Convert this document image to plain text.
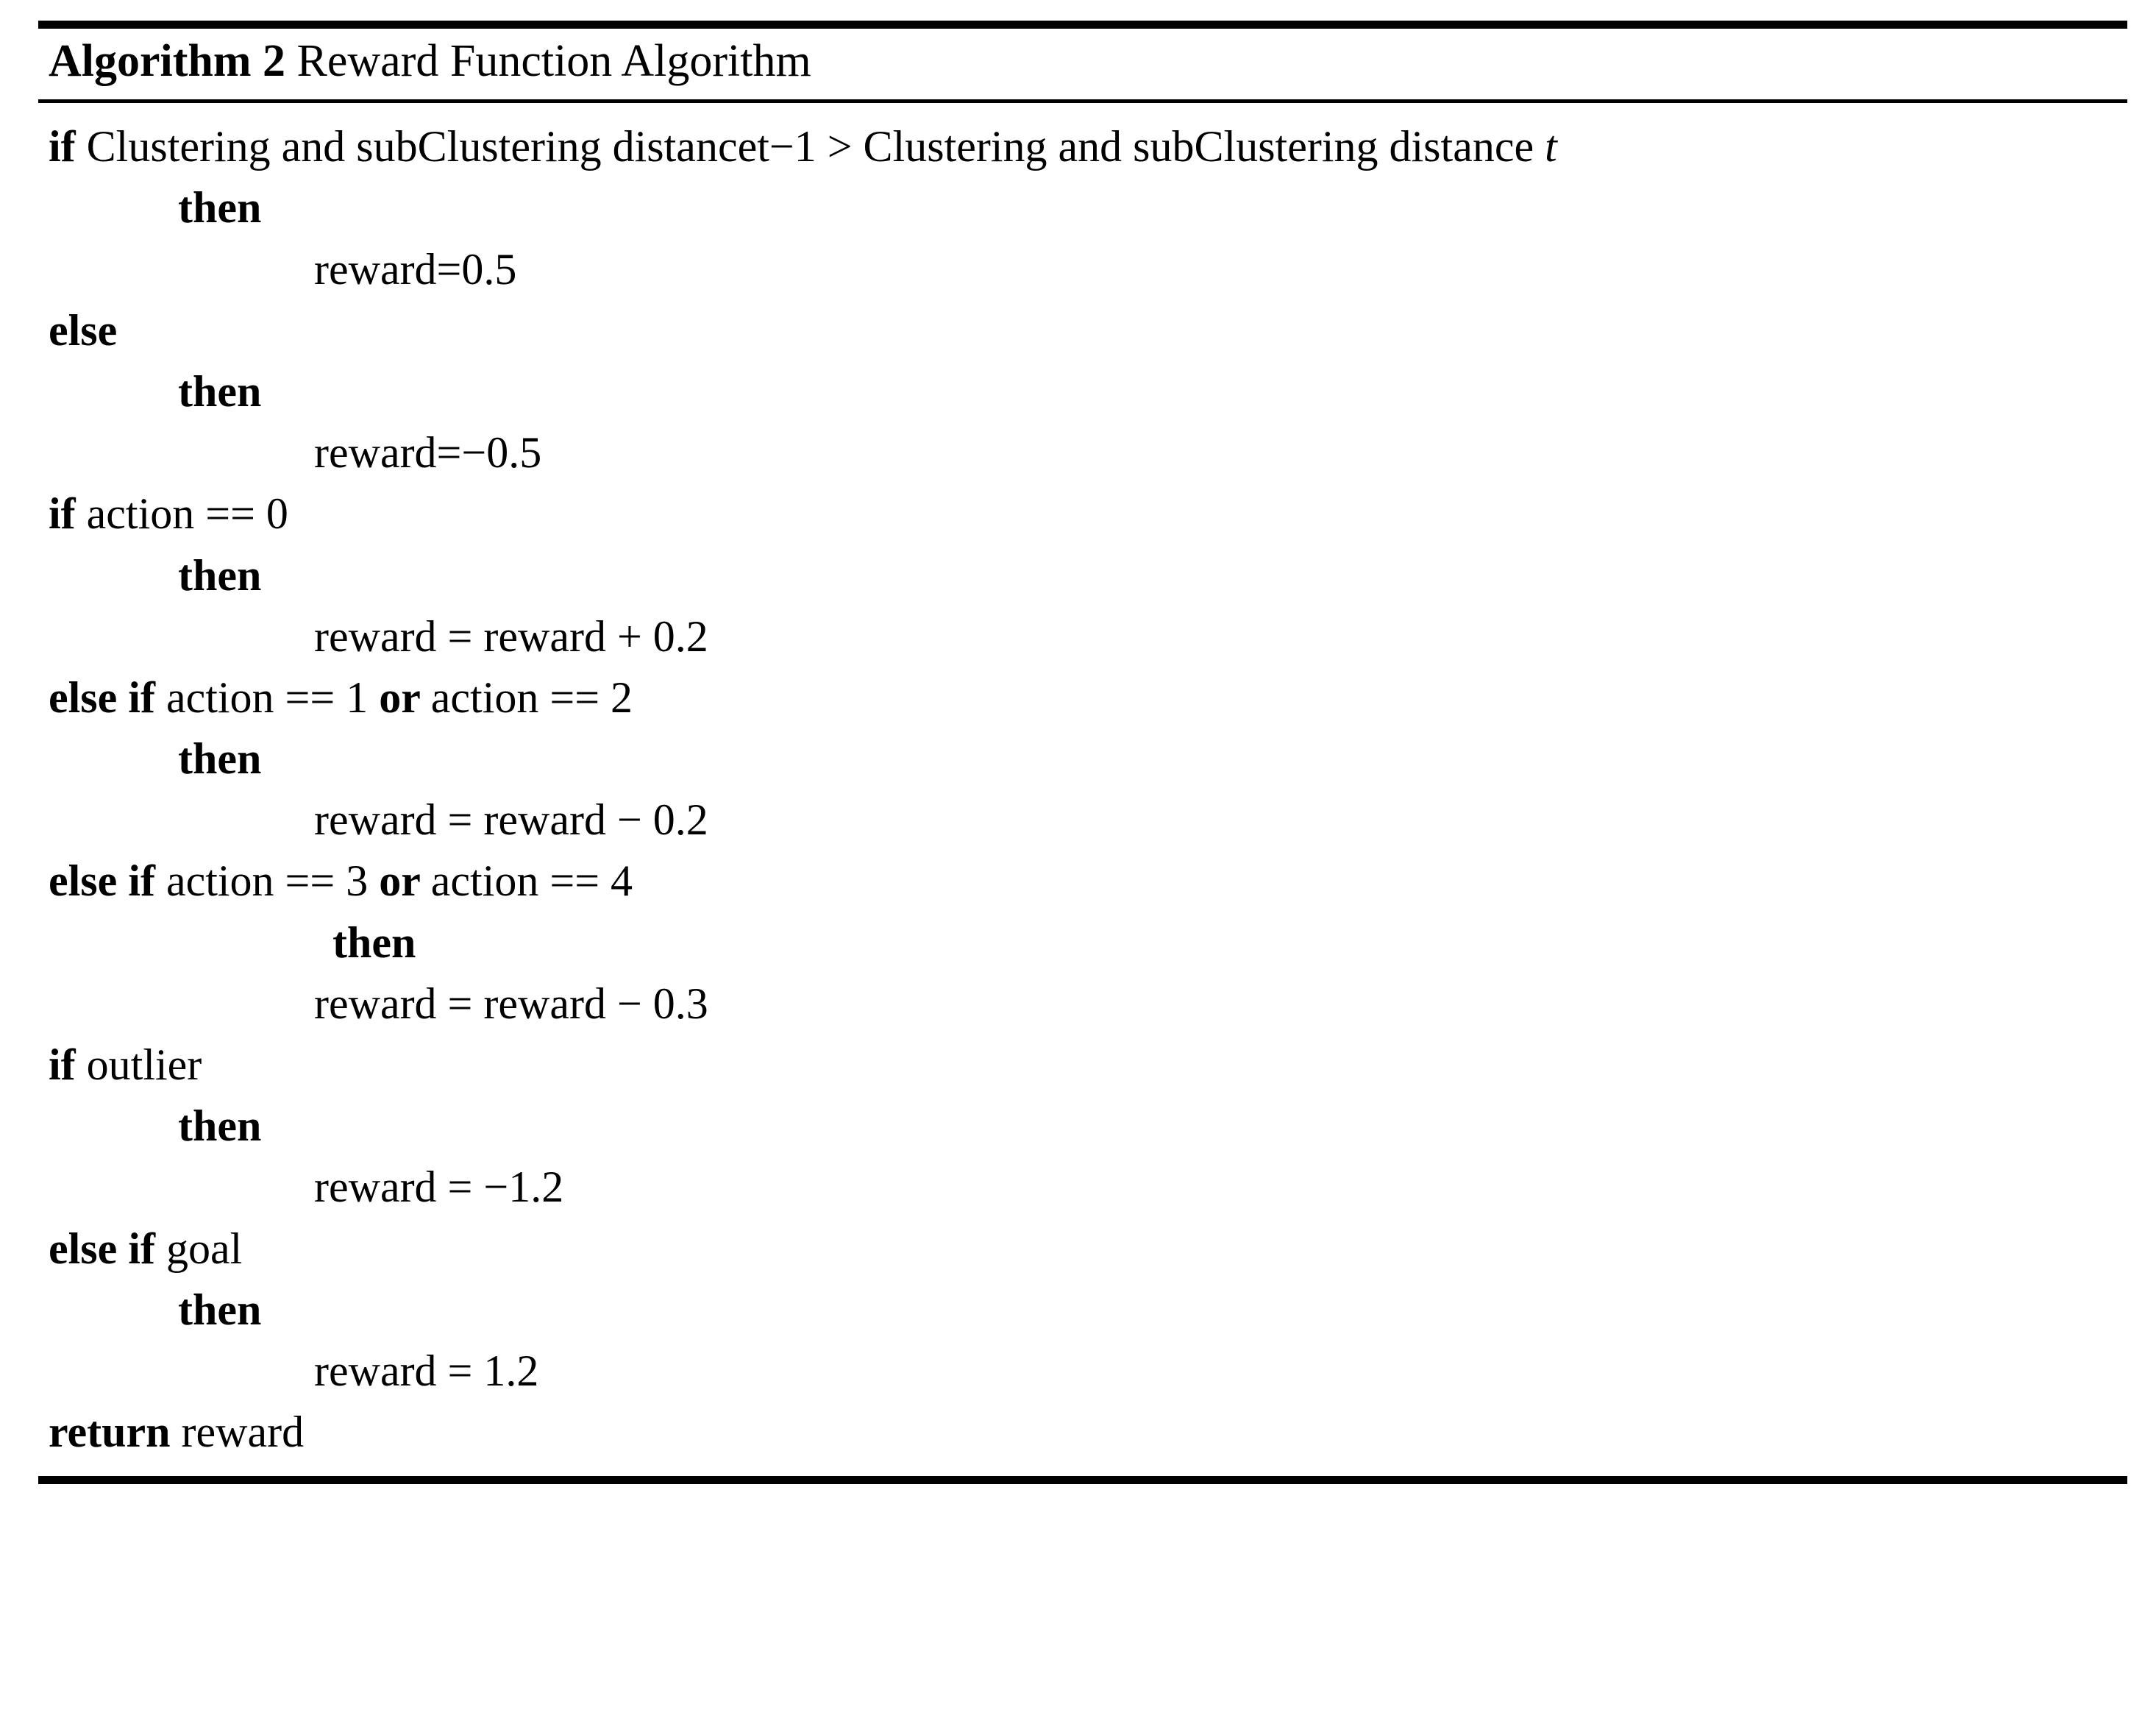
Algorithm 2 Reward Function Algorithm
if Clustering and subClustering distancet−1 > Clustering and subClustering distance t
then
reward=0.5
else
then
reward=−0.5
if action == 0
then
reward = reward + 0.2
else if action == 1 or action == 2
then
reward = reward − 0.2
else if action == 3 or action == 4
then
reward = reward − 0.3
if outlier
then
reward = −1.2
else if goal
then
reward = 1.2
return reward
